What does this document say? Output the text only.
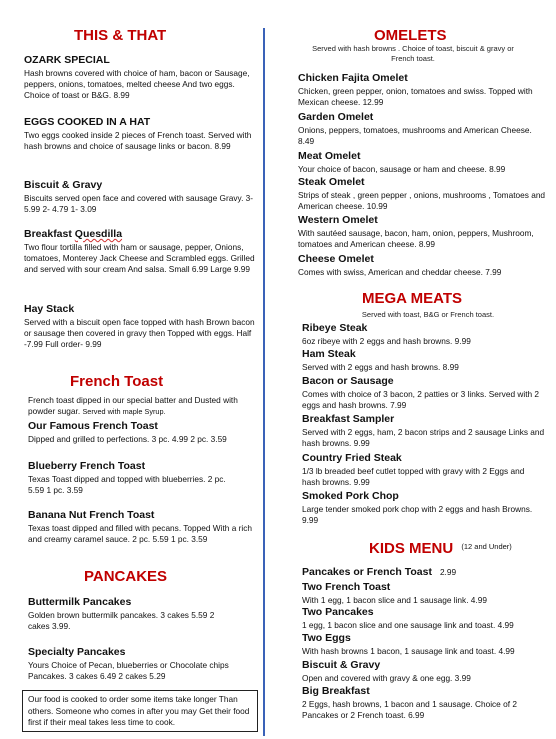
THIS & THAT
OZARK SPECIAL
Hash browns covered with choice of ham, bacon or Sausage, peppers, onions, tomatoes, melted cheese And two eggs. Choice of toast or B&G. 8.99
EGGS COOKED IN A HAT
Two eggs cooked inside 2 pieces of French toast. Served with hash browns and choice of sausage links or bacon. 8.99
Biscuit & Gravy
Biscuits served open face and covered with sausage Gravy. 3- 5.99 2- 4.79 1- 3.09
Breakfast Quesdilla
Two flour tortilla filled with ham or sausage, pepper, Onions, tomatoes, Monterey Jack Cheese and Scrambled eggs. Grilled and served with sour cream And salsa. Small 6.99 Large 9.99
Hay Stack
Served with a biscuit open face topped with hash Brown bacon or sausage then covered in gravy then Topped with eggs. Half -7.99 Full order- 9.99
French Toast
French toast dipped in our special batter and Dusted with powder sugar. Served with maple Syrup.
Our Famous French Toast
Dipped and grilled to perfections. 3 pc. 4.99 2 pc. 3.59
Blueberry French Toast
Texas Toast dipped and topped with blueberries. 2 pc. 5.59 1 pc. 3.59
Banana Nut French Toast
Texas toast dipped and filled with pecans. Topped With a rich and creamy caramel sauce. 2 pc. 5.59 1 pc. 3.59
PANCAKES
Buttermilk Pancakes
Golden brown buttermilk pancakes. 3 cakes 5.59 2 cakes 3.99.
Specialty Pancakes
Yours Choice of Pecan, blueberries or Chocolate chips Pancakes. 3 cakes 6.49 2 cakes 5.29
Our food is cooked to order some items take longer Than others. Someone who comes in after you may Get their food first if their meal takes less time to cook.
OMELETS
Served with hash browns . Choice of toast, biscuit & gravy or French toast.
Chicken Fajita Omelet
Chicken, green pepper, onion, tomatoes and swiss. Topped with Mexican cheese. 12.99
Garden Omelet
Onions, peppers, tomatoes, mushrooms and American Cheese. 8.49
Meat Omelet
Your choice of bacon, sausage or ham and cheese. 8.99
Steak Omelet
Strips of steak , green pepper , onions, mushrooms , Tomatoes and American cheese. 10.99
Western Omelet
With sautéed sausage, bacon, ham, onion, peppers, Mushroom, tomatoes and American cheese. 8.99
Cheese Omelet
Comes with swiss, American and cheddar cheese. 7.99
MEGA MEATS
Served with toast, B&G or French toast.
Ribeye Steak
6oz ribeye with 2 eggs and hash browns. 9.99
Ham Steak
Served with 2 eggs and hash browns. 8.99
Bacon or Sausage
Comes with choice of 3 bacon, 2 patties or 3 links. Served with 2 eggs and hash browns. 7.99
Breakfast Sampler
Served with 2 eggs, ham, 2 bacon strips and 2 sausage Links and hash browns. 9.99
Country Fried Steak
1/3 lb breaded beef cutlet topped with gravy with 2 Eggs and hash browns. 9.99
Smoked Pork Chop
Large tender smoked pork chop with 2 eggs and hash Browns. 9.99
KIDS MENU $^{(12 and Under)}$
Pancakes or French Toast 2.99
Two French Toast
With 1 egg, 1 bacon slice and 1 sausage link. 4.99
Two Pancakes
1 egg, 1 bacon slice and one sausage link and toast. 4.99
Two Eggs
With hash browns 1 bacon, 1 sausage link and toast. 4.99
Biscuit & Gravy
Open and covered with gravy & one egg. 3.99
Big Breakfast
2 Eggs, hash browns, 1 bacon and 1 sausage. Choice of 2 Pancakes or 2 French toast. 6.99
